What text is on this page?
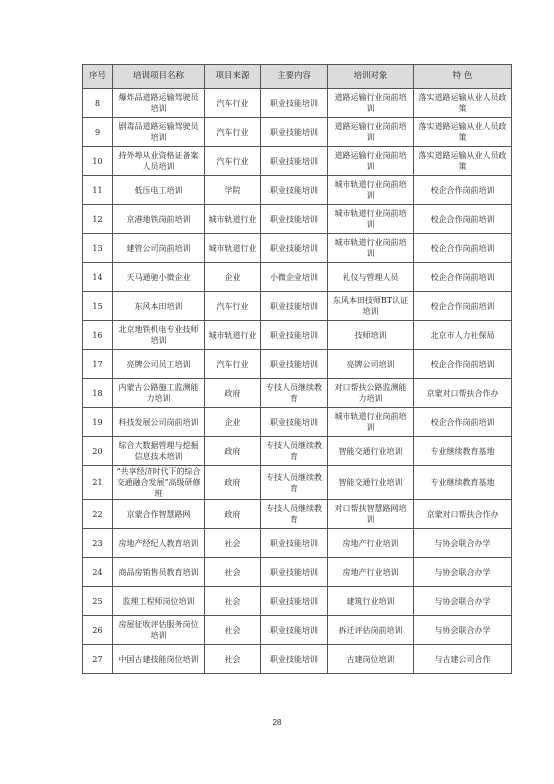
序号	培训项目名称	项目来源	主要内容	培训对象	特 色
8	爆炸品道路运输驾驶员培训	汽车行业	职业技能培训	道路运输行业岗前培训	落实道路运输从业人员政策
9	剧毒品道路运输驾驶员培训	汽车行业	职业技能培训	道路运输行业岗前培训	落实道路运输从业人员政策
10	持外埠从业资格证备案人员培训	汽车行业	职业技能培训	道路运输行业岗前培训	落实道路运输从业人员政策
11	低压电工培训	学院	职业技能培训	城市轨道行业岗前培训	校企合作岗前培训
12	京港地铁岗前培训	城市轨道行业	职业技能培训	城市轨道行业岗前培训	校企合作岗前培训
13	建管公司岗前培训	城市轨道行业	职业技能培训	城市轨道行业岗前培训	校企合作岗前培训
14	天马通驰小微企业	企业	小微企业培训	礼仪与管理人员	校企合作岗前培训
15	东风本田培训	汽车行业	职业技能培训	东风本田技师BT认证培训	校企合作岗前培训
16	北京地铁机电专业技师培训	城市轨道行业	职业技能培训	技师培训	北京市人力社保局
17	亮牌公司员工培训	汽车行业	职业技能培训	亮牌公司培训	校企合作岗前培训
18	内蒙古公路施工监测能力培训	政府	专技人员继续教育	对口帮扶公路监测能力培训	京蒙对口帮扶合作办
19	科技发展公司岗前培训	企业	职业技能培训	城市轨道行业岗前培训	校企合作岗前培训
20	综合大数据管理与挖掘信息技术培训	政府	专技人员继续教育	智能交通行业培训	专业继续教育基地
21	“共享经济时代下的综合交通融合发展”高级研修班	政府	专技人员继续教育	智能交通行业培训	专业继续教育基地
22	京蒙合作智慧路网	政府	专技人员继续教育	对口帮扶智慧路网培训	京蒙对口帮扶合作办
23	房地产经纪人教育培训	社会	职业技能培训	房地产行业培训	与协会联合办学
24	商品房销售员教育培训	社会	职业技能培训	房地产行业培训	与协会联合办学
25	监理工程师岗位培训	社会	职业技能培训	建筑行业培训	与协会联合办学
26	房屋征收评估服务岗位培训	社会	职业技能培训	拆迁评估岗前培训	与协会联合办学
27	中国古建技能岗位培训	社会	职业技能培训	古建岗位培训	与古建公司合作
28
